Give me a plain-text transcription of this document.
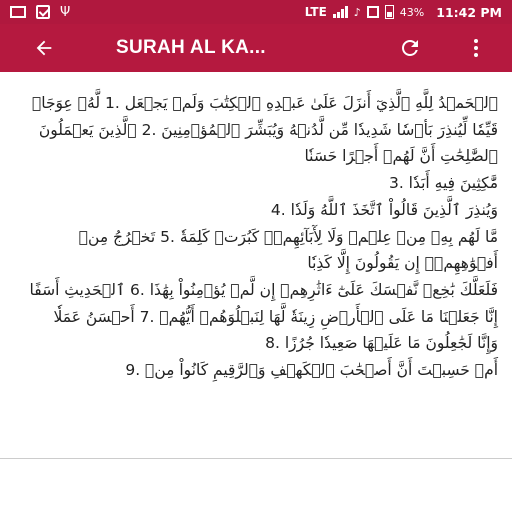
Ψ	LTE ♪	43% 11:42 PM
SURAH AL KA...
ٱلۡحَمۡدُ لِلَّهِ ٱلَّذِيٓ أَنزَلَ عَلَىٰ عَبۡدِهِ ٱلۡكِتَٰبَ وَلَمۡ يَجۡعَل .1 لَّهُۥ عِوَجَاۜ
قَيِّمٗا لِّيُنذِرَ بَأۡسٗا شَدِيدٗا مِّن لَّدُنۡهُ وَيُبَشِّرَ ٱلۡمُؤۡمِنِينَ .2 ٱلَّذِينَ يَعۡمَلُونَ ٱلصَّٰلِحَٰتِ أَنَّ لَهُمۡ أَجۡرًا حَسَنٗا
مَّٰكِثِينَ فِيهِ أَبَدٗا .3
وَيُنذِرَ ٱلَّذِينَ قَالُواْ ٱتَّخَذَ ٱللَّهُ وَلَدٗا .4
مَّا لَهُم بِهِۦ مِنۡ عِلۡمٖ وَلَا لِأٓبَآئِهِمۡۚ كَبُرَتۡ كَلِمَةٗ .5 تَخۡرُجُ مِنۡ أَفۡوَٰهِهِمۡۚ إِن يَقُولُونَ إِلَّا كَذِبٗا
فَلَعَلَّكَ بَٰخِعٞ نَّفۡسَكَ عَلَىٰٓ ءَاثَٰرِهِمۡ إِن لَّمۡ يُؤۡمِنُواْ بِهَٰذَا .6 ٱلۡحَدِيثِ أَسَفًا
إِنَّا جَعَلۡنَا مَا عَلَى ٱلۡأَرۡضِ زِينَةٗ لَّهَا لِنَبۡلُوَهُمۡ أَيُّهُمۡ .7 أَحۡسَنُ عَمَلٗا
وَإِنَّا لَجَٰعِلُونَ مَا عَلَيۡهَا صَعِيدٗا جُرُزًا .8
أَمۡ حَسِبۡتَ أَنَّ أَصۡحَٰبَ ٱلۡكَهۡفِ وَٱلرَّقِيمِ كَانُواْ مِنۡ .9
